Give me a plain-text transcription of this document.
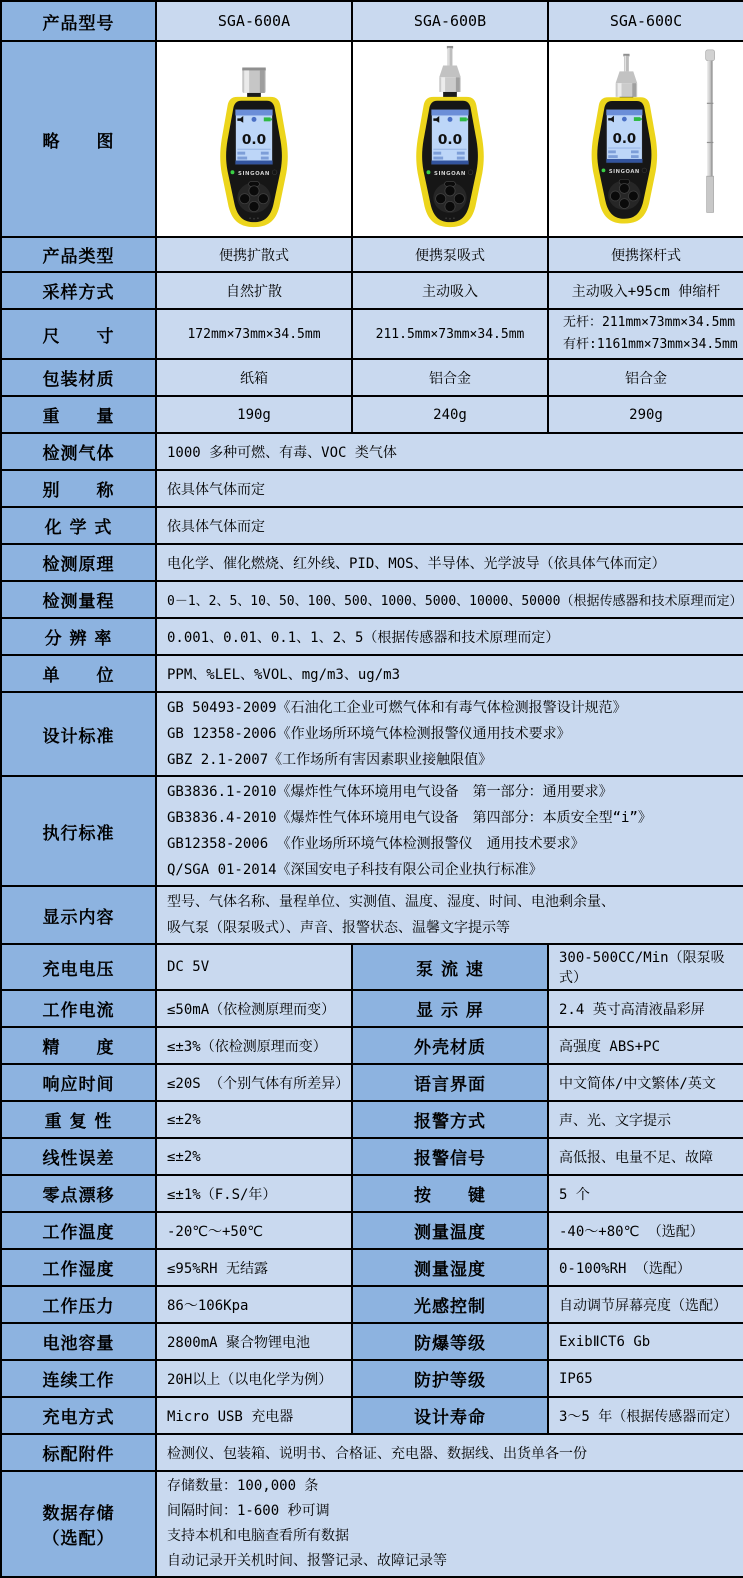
产品型号	SGA-600A	SGA-600B	SGA-600C
略　　图	0.0
SINGOAN	0.0
SINGOAN	0.0
SINGOAN

产品类型	便携扩散式	便携泵吸式	便携探杆式
采样方式	自然扩散	主动吸入	主动吸入+95cm 伸缩杆
尺　　寸	172mm×73mm×34.5mm	211.5mm×73mm×34.5mm	无杆：211mm×73mm×34.5mm
有杆:1161mm×73mm×34.5mm

包装材质	纸箱	铝合金	铝合金
重　　量	190g	240g	290g
检测气体	1000 多种可燃、有毒、VOC 类气体		
别　　称	依具体气体而定		
化 学 式	依具体气体而定		
检测原理	电化学、催化燃烧、红外线、PID、MOS、半导体、光学波导（依具体气体而定）		
检测量程	0－1、2、5、10、50、100、500、1000、5000、10000、50000（根据传感器和技术原理而定）		
分 辨 率	0.001、0.01、0.1、1、2、5（根据传感器和技术原理而定）		
单　　位	PPM、%LEL、%VOL、mg/m3、ug/m3		
设计标准	GB 50493-2009《石油化工企业可燃气体和有毒气体检测报警设计规范》
GB 12358-2006《作业场所环境气体检测报警仪通用技术要求》
GBZ 2.1-2007《工作场所有害因素职业接触限值》		

执行标准	GB3836.1-2010《爆炸性气体环境用电气设备　第一部分：通用要求》
GB3836.4-2010《爆炸性气体环境用电气设备　第四部分：本质安全型“i”》
GB12358-2006 《作业场所环境气体检测报警仪　通用技术要求》
Q/SGA 01-2014《深国安电子科技有限公司企业执行标准》		

显示内容	型号、气体名称、量程单位、实测值、温度、湿度、时间、电池剩余量、
吸气泵（限泵吸式）、声音、报警状态、温馨文字提示等		

充电电压	DC 5V	泵 流 速	300-500CC/Min（限泵吸式）
工作电流	≤50mA（依检测原理而变）	显 示 屏	2.4 英寸高清液晶彩屏
精　　度	≤±3%（依检测原理而变）	外壳材质	高强度 ABS+PC
响应时间	≤20S （个别气体有所差异）	语言界面	中文简体/中文繁体/英文
重 复 性	≤±2%	报警方式	声、光、文字提示
线性误差	≤±2%	报警信号	高低报、电量不足、故障
零点漂移	≤±1%（F.S/年）	按　　键	5 个
工作温度	-20℃～+50℃	测量温度	-40～+80℃ （选配）
工作湿度	≤95%RH 无结露	测量湿度	0-100%RH （选配）
工作压力	86～106Kpa	光感控制	自动调节屏幕亮度（选配）
电池容量	2800mA 聚合物锂电池	防爆等级	ExibⅡCT6 Gb
连续工作	20H以上（以电化学为例）	防护等级	IP65
充电方式	Micro USB 充电器	设计寿命	3～5 年（根据传感器而定）
标配附件	检测仪、包装箱、说明书、合格证、充电器、数据线、出货单各一份		

数据存储
（选配）

存储数量：100,000 条
间隔时间：1-600 秒可调
支持本机和电脑查看所有数据
自动记录开关机时间、报警记录、故障记录等
